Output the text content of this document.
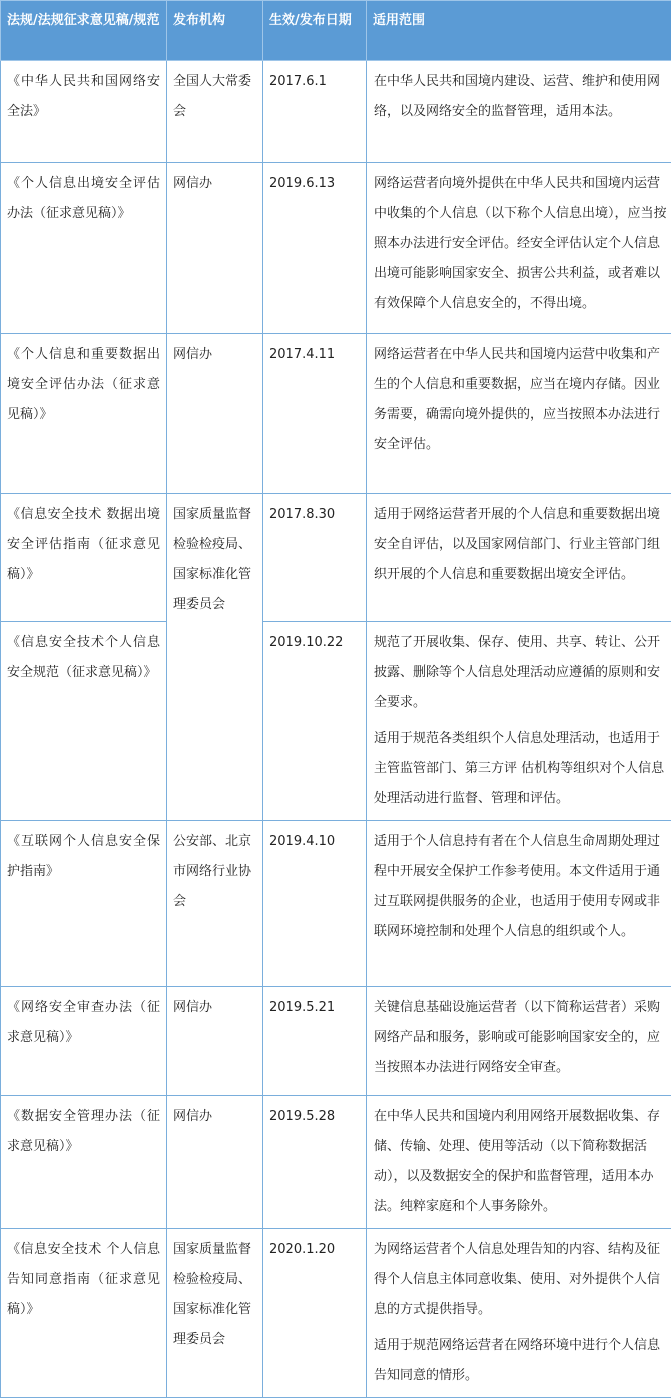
法规/法规征求意见稿/规范	发布机构	生效/发布日期	适用范围
《中华人民共和国网络安全法》	全国人大常委会	2017.6.1	在中华人民共和国境内建设、运营、维护和使用网络，以及网络安全的监督管理，适用本法。

《个人信息出境安全评估办法（征求意见稿）》	网信办	2019.6.13	网络运营者向境外提供在中华人民共和国境内运营中收集的个人信息（以下称个人信息出境），应当按照本办法进行安全评估。经安全评估认定个人信息出境可能影响国家安全、损害公共利益，或者难以有效保障个人信息安全的，不得出境。

《个人信息和重要数据出境安全评估办法（征求意见稿）》	网信办	2017.4.11	网络运营者在中华人民共和国境内运营中收集和产生的个人信息和重要数据，应当在境内存储。因业务需要，确需向境外提供的，应当按照本办法进行安全评估。

《信息安全技术 数据出境安全评估指南（征求意见稿）》	国家质量监督检验检疫局、国家标准化管理委员会	2017.8.30	适用于网络运营者开展的个人信息和重要数据出境安全自评估，以及国家网信部门、行业主管部门组织开展的个人信息和重要数据出境安全评估。

《信息安全技术个人信息安全规范（征求意见稿）》		2019.10.22	规范了开展收集、保存、使用、共享、转让、公开披露、删除等个人信息处理活动应遵循的原则和安全要求。
适用于规范各类组织个人信息处理活动，也适用于主管监管部门、第三方评 估机构等组织对个人信息处理活动进行监督、管理和评估。

《互联网个人信息安全保护指南》	公安部、北京市网络行业协会	2019.4.10	适用于个人信息持有者在个人信息生命周期处理过程中开展安全保护工作参考使用。本文件适用于通过互联网提供服务的企业，也适用于使用专网或非联网环境控制和处理个人信息的组织或个人。

《网络安全审查办法（征求意见稿）》	网信办	2019.5.21	关键信息基础设施运营者（以下简称运营者）采购网络产品和服务，影响或可能影响国家安全的，应当按照本办法进行网络安全审查。

《数据安全管理办法（征求意见稿）》	网信办	2019.5.28	在中华人民共和国境内利用网络开展数据收集、存储、传输、处理、使用等活动（以下简称数据活动），以及数据安全的保护和监督管理，适用本办法。纯粹家庭和个人事务除外。

《信息安全技术 个人信息告知同意指南（征求意见稿）》	国家质量监督检验检疫局、国家标准化管理委员会	2020.1.20	为网络运营者个人信息处理告知的内容、结构及征得个人信息主体同意收集、使用、对外提供个人信息的方式提供指导。
适用于规范网络运营者在网络环境中进行个人信息告知同意的情形。
